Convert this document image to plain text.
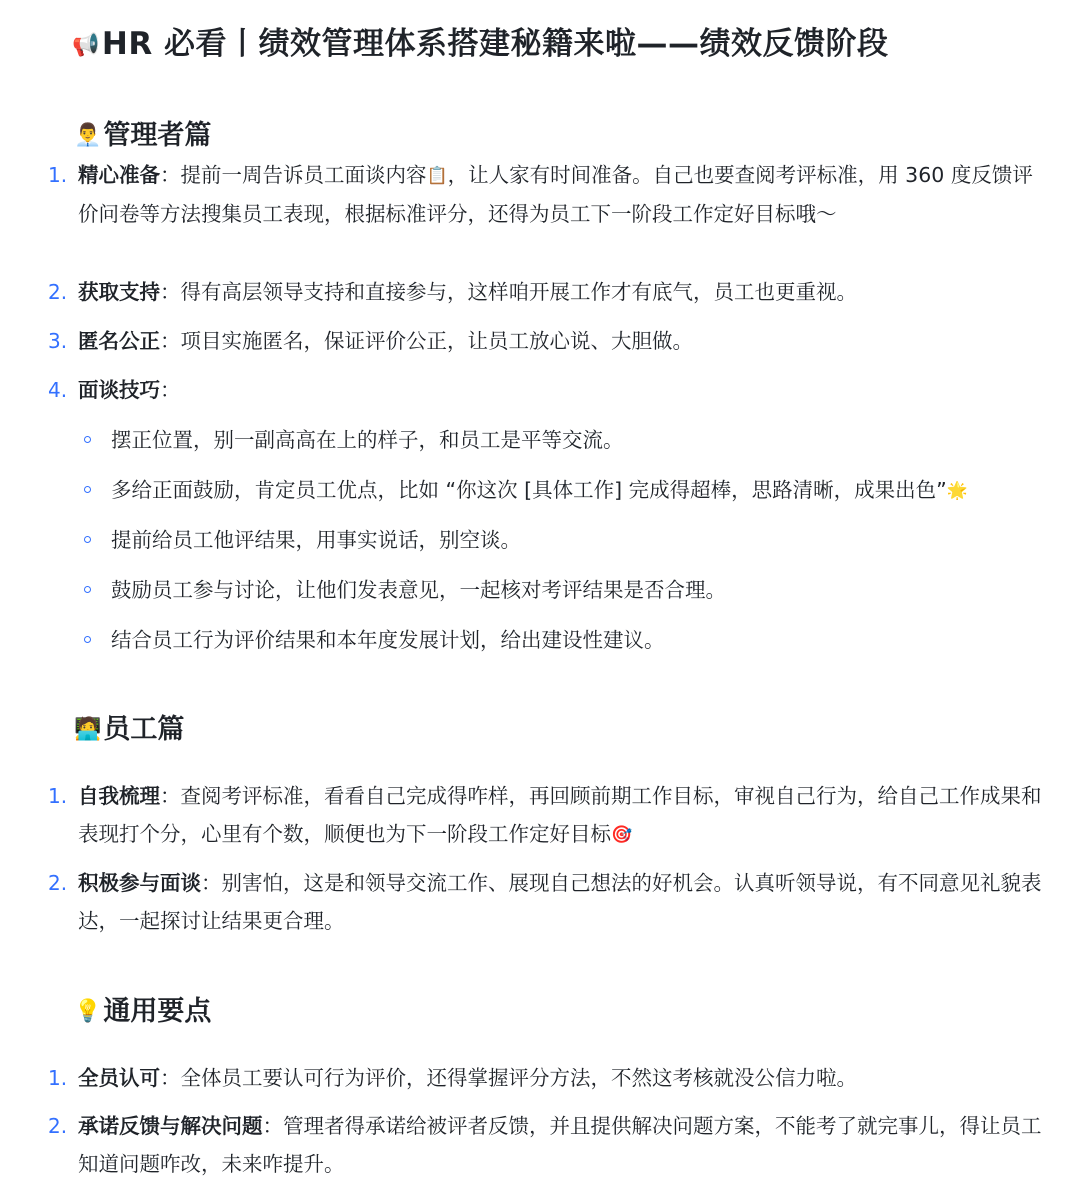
📢HR 必看丨绩效管理体系搭建秘籍来啦——绩效反馈阶段
👨‍💼管理者篇
1. 精心准备：提前一周告诉员工面谈内容📋，让人家有时间准备。自己也要查阅考评标准，用 360 度反馈评价问卷等方法搜集员工表现，根据标准评分，还得为员工下一阶段工作定好目标哦～
2. 获取支持：得有高层领导支持和直接参与，这样咱开展工作才有底气，员工也更重视。
3. 匿名公正：项目实施匿名，保证评价公正，让员工放心说、大胆做。
4. 面谈技巧：
摆正位置，别一副高高在上的样子，和员工是平等交流。
多给正面鼓励，肯定员工优点，比如 “你这次 [具体工作] 完成得超棒，思路清晰，成果出色”🌟
提前给员工他评结果，用事实说话，别空谈。
鼓励员工参与讨论，让他们发表意见，一起核对考评结果是否合理。
结合员工行为评价结果和本年度发展计划，给出建设性建议。
🧑‍💻员工篇
1. 自我梳理：查阅考评标准，看看自己完成得咋样，再回顾前期工作目标，审视自己行为，给自己工作成果和表现打个分，心里有个数，顺便也为下一阶段工作定好目标🎯
2. 积极参与面谈：别害怕，这是和领导交流工作、展现自己想法的好机会。认真听领导说，有不同意见礼貌表达，一起探讨让结果更合理。
💡通用要点
1. 全员认可：全体员工要认可行为评价，还得掌握评分方法，不然这考核就没公信力啦。
2. 承诺反馈与解决问题：管理者得承诺给被评者反馈，并且提供解决问题方案，不能考了就完事儿，得让员工知道问题咋改，未来咋提升。
